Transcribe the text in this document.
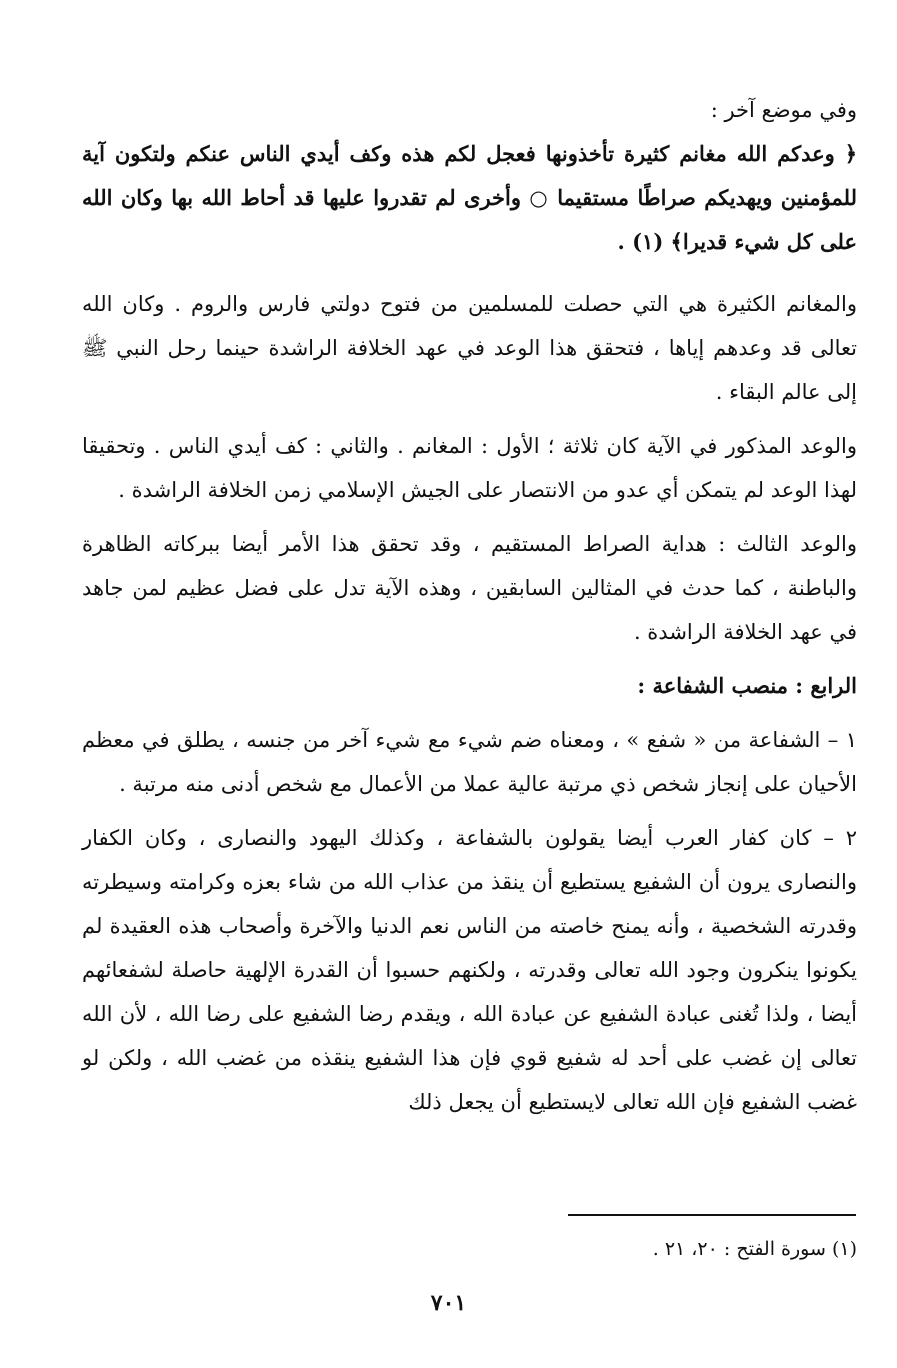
وفي موضع آخر :

﴿ وعدكم الله مغانم كثيرة تأخذونها فعجل لكم هذه وكف أيدي الناس عنكم ولتكون آية للمؤمنين ويهديكم صراطًا مستقيما ○ وأخرى لم تقدروا عليها قد أحاط الله بها وكان الله على كل شيء قديرا﴾ (١) .

والمغانم الكثيرة هي التي حصلت للمسلمين من فتوح دولتي فارس والروم . وكان الله تعالى قد وعدهم إياها ، فتحقق هذا الوعد في عهد الخلافة الراشدة حينما رحل النبي ﷺ إلى عالم البقاء .

والوعد المذكور في الآية كان ثلاثة ؛ الأول : المغانم . والثاني : كف أيدي الناس . وتحقيقا لهذا الوعد لم يتمكن أي عدو من الانتصار على الجيش الإسلامي زمن الخلافة الراشدة .

والوعد الثالث : هداية الصراط المستقيم ، وقد تحقق هذا الأمر أيضا ببركاته الظاهرة والباطنة ، كما حدث في المثالين السابقين ، وهذه الآية تدل على فضل عظيم لمن جاهد في عهد الخلافة الراشدة .

الرابع : منصب الشفاعة :

١ – الشفاعة من « شفع » ، ومعناه ضم شيء مع شيء آخر من جنسه ، يطلق في معظم الأحيان على إنجاز شخص ذي مرتبة عالية عملا من الأعمال مع شخص أدنى منه مرتبة .

٢ – كان كفار العرب أيضا يقولون بالشفاعة ، وكذلك اليهود والنصارى ، وكان الكفار والنصارى يرون أن الشفيع يستطيع أن ينقذ من عذاب الله من شاء بعزه وكرامته وسيطرته وقدرته الشخصية ، وأنه يمنح خاصته من الناس نعم الدنيا والآخرة وأصحاب هذه العقيدة لم يكونوا ينكرون وجود الله تعالى وقدرته ، ولكنهم حسبوا أن القدرة الإلهية حاصلة لشفعائهم أيضا ، ولذا تُغنى عبادة الشفيع عن عبادة الله ، ويقدم رضا الشفيع على رضا الله ، لأن الله تعالى إن غضب على أحد له شفيع قوي فإن هذا الشفيع ينقذه من غضب الله ، ولكن لو غضب الشفيع فإن الله تعالى لايستطيع أن يجعل ذلك

(١) سورة الفتح : ٢٠، ٢١ .
٧٠١
